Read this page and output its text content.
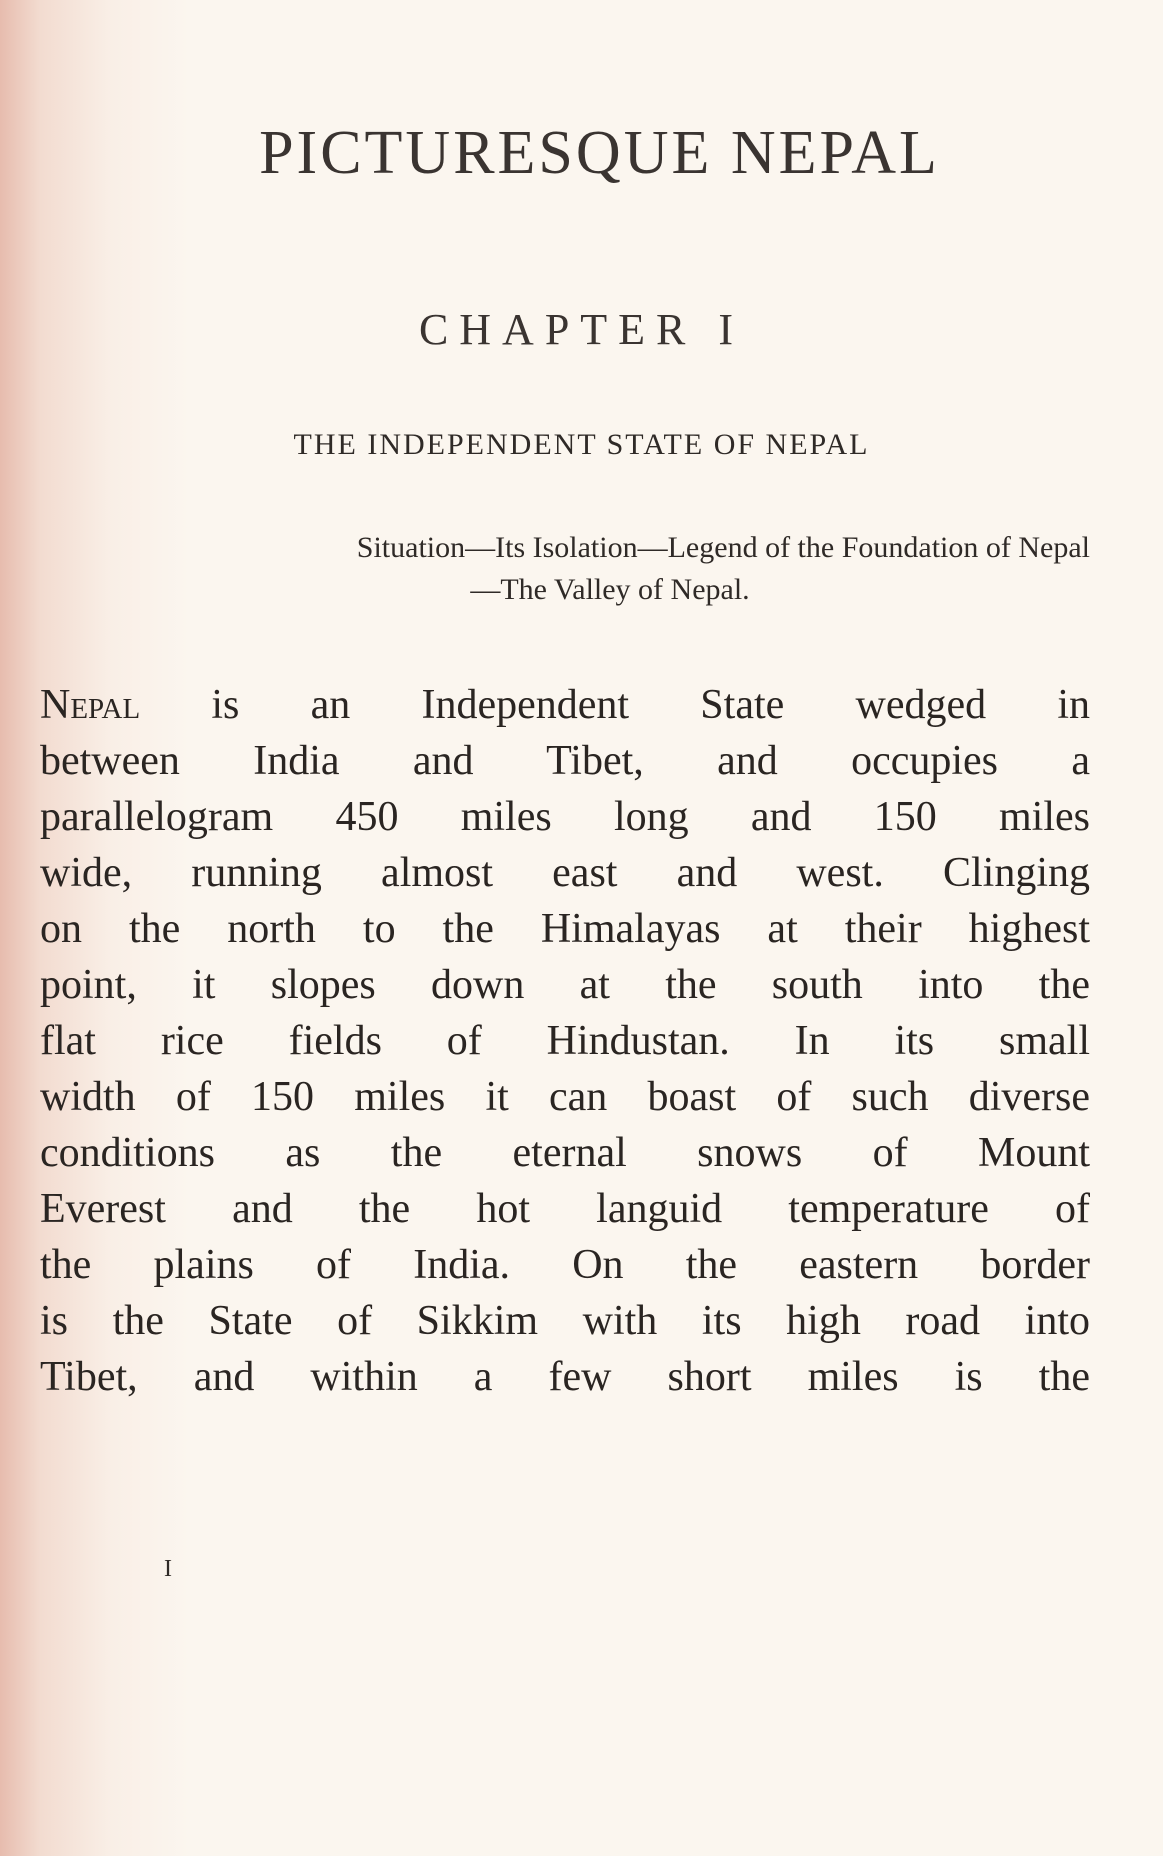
PICTURESQUE NEPAL
CHAPTER I
THE INDEPENDENT STATE OF NEPAL
Situation—Its Isolation—Legend of the Foundation of Nepal
—The Valley of Nepal.
Nepal is an Independent State wedged in
between India and Tibet, and occupies a
parallelogram 450 miles long and 150 miles
wide, running almost east and west. Clinging
on the north to the Himalayas at their highest
point, it slopes down at the south into the
flat rice fields of Hindustan. In its small
width of 150 miles it can boast of such diverse
conditions as the eternal snows of Mount
Everest and the hot languid temperature of
the plains of India. On the eastern border
is the State of Sikkim with its high road into
Tibet, and within a few short miles is the
I
